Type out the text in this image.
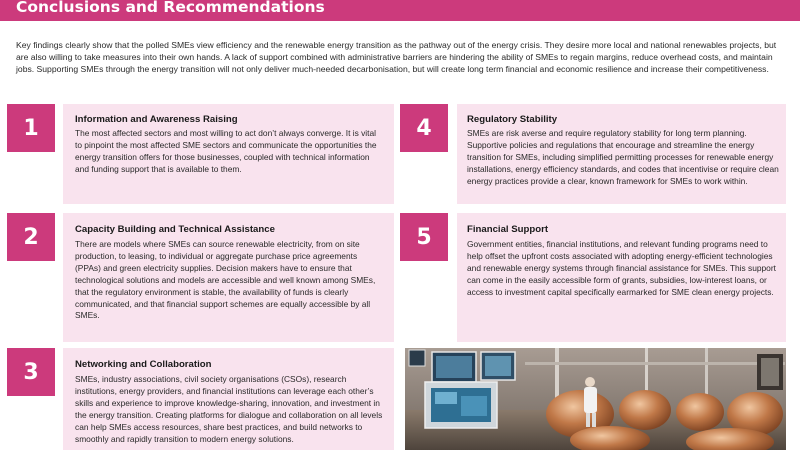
Conclusions and Recommendations

Key findings clearly show that the polled SMEs view efficiency and the renewable energy transition as the pathway out of the energy crisis. They desire more local and national renewables projects, but are also willing to take measures into their own hands. A lack of support combined with administrative barriers are hindering the ability of SMEs to regain margins, reduce overhead costs, and maintain jobs. Supporting SMEs through the energy transition will not only deliver much-needed decarbonisation, but will create long term financial and economic resilience and increase their competitiveness.

1	Information and Awareness Raising

The most affected sectors and most willing to act don’t always converge. It is vital to pinpoint the most affected SME sectors and communicate the opportunities the energy transition offers for those businesses, coupled with technical information and funding support that is available to them.

2	Capacity Building and Technical Assistance

There are models where SMEs can source renewable electricity, from on site production, to leasing, to individual or aggregate purchase price agreements (PPAs) and green electricity supplies. Decision makers have to ensure that technological solutions and models are accessible and well known among SMEs, that the regulatory environment is stable, the availability of funds is clearly communicated, and that financial support schemes are equally accessible by all SMEs.

3	Networking and Collaboration

SMEs, industry associations, civil society organisations (CSOs), research institutions, energy providers, and financial institutions can leverage each other’s skills and experience to improve knowledge-sharing, innovation, and investment in the energy transition. Creating platforms for dialogue and collaboration on all levels can help SMEs access resources, share best practices, and build networks to smoothly and rapidly transition to modern energy solutions.

4	Regulatory Stability

SMEs are risk averse and require regulatory stability for long term planning. Supportive policies and regulations that encourage and streamline the energy transition for SMEs, including simplified permitting processes for renewable energy installations, energy efficiency standards, and codes that incentivise or require clean energy practices provide a clear, known framework for SMEs to work within.

5	Financial Support

Government entities, financial institutions, and relevant funding programs need to help offset the upfront costs associated with adopting energy-efficient technologies and renewable energy systems through financial assistance for SMEs. This support can come in the easily accessible form of grants, subsidies, low-interest loans, or access to investment capital specifically earmarked for SME clean energy projects.
